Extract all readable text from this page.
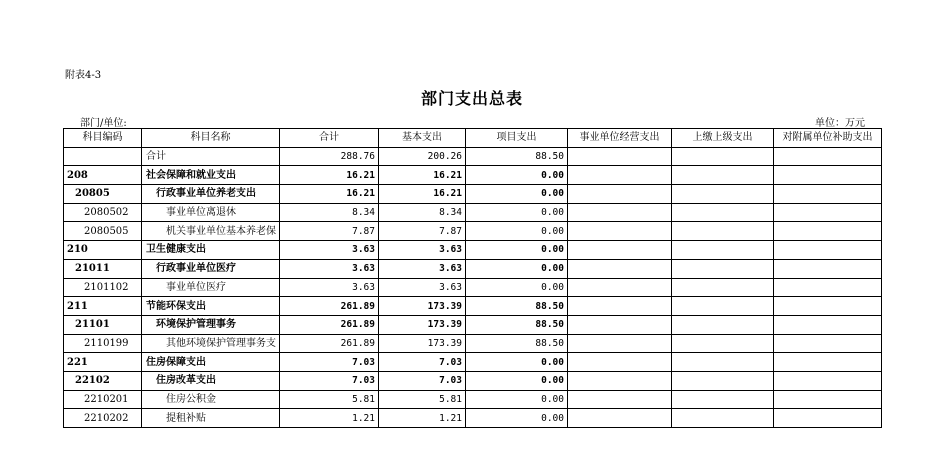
附表4-3
部门支出总表
部门/单位:	单位：万元
科目编码	科目名称	合计	基本支出	项目支出	事业单位经营支出	上缴上级支出	对附属单位补助支出
	合计	288.76	200.26	88.50			
208	社会保障和就业支出	16.21	16.21	0.00			
20805	行政事业单位养老支出	16.21	16.21	0.00			
2080502	事业单位离退休	8.34	8.34	0.00			
2080505	机关事业单位基本养老保	7.87	7.87	0.00			
210	卫生健康支出	3.63	3.63	0.00			
21011	行政事业单位医疗	3.63	3.63	0.00			
2101102	事业单位医疗	3.63	3.63	0.00			
211	节能环保支出	261.89	173.39	88.50			
21101	环境保护管理事务	261.89	173.39	88.50			
2110199	其他环境保护管理事务支	261.89	173.39	88.50			
221	住房保障支出	7.03	7.03	0.00			
22102	住房改革支出	7.03	7.03	0.00			
2210201	住房公积金	5.81	5.81	0.00			
2210202	提租补贴	1.21	1.21	0.00			
